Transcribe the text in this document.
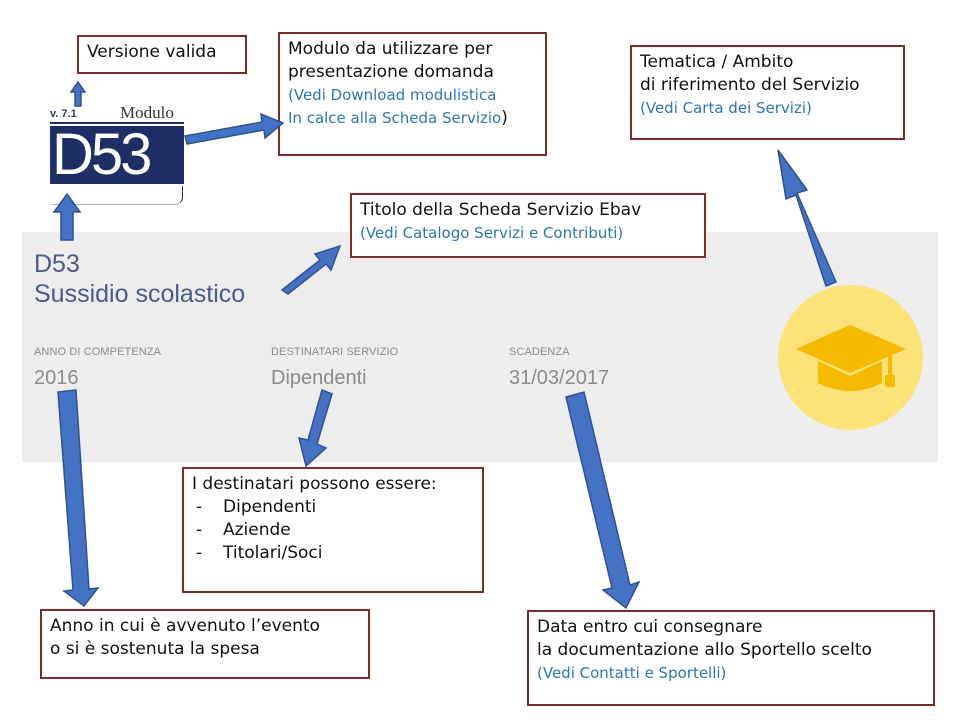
D53
Sussidio scolastico
ANNO DI COMPETENZA
2016
DESTINATARI SERVIZIO
Dipendenti
SCADENZA
31/03/2017
v. 7.1	Modulo
D53
Versione valida	Modulo da utilizzare per
presentazione domanda
(Vedi Download modulistica
In calce alla Scheda Servizio)
Tematica / Ambito
di riferimento del Servizio
(Vedi Carta dei Servizi)
Titolo della Scheda Servizio Ebav
(Vedi Catalogo Servizi e Contributi)
I destinatari possono essere:
- Dipendenti
- Aziende
- Titolari/Soci
Anno in cui è avvenuto l’evento
o si è sostenuta la spesa
Data entro cui consegnare
la documentazione allo Sportello scelto
(Vedi Contatti e Sportelli)
